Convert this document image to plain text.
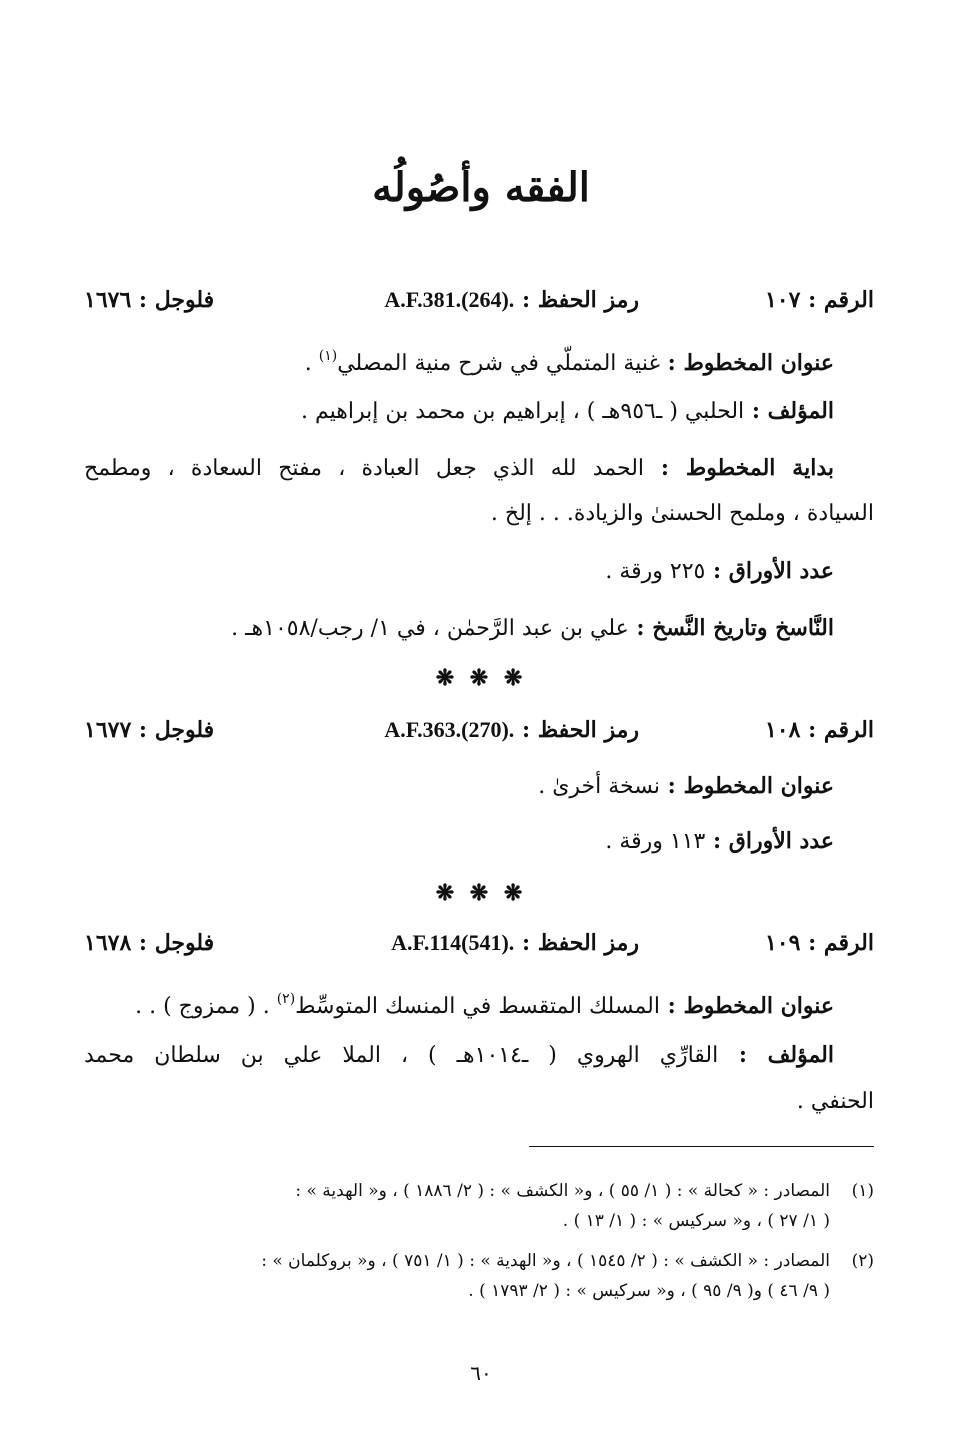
الفقه وأصُولُه
الرقم : ١٠٧
رمز الحفظ : A.F.381.(264).
فلوجل : ١٦٧٦
عنوان المخطوط : غنية المتملّي في شرح منية المصلي$^{(١)}$ .
المؤلف : الحلبي ( ـ٩٥٦هـ ) ، إبراهيم بن محمد بن إبراهيم .
بداية المخطوط : الحمد لله الذي جعل العبادة ، مفتح السعادة ، ومطمح
السيادة ، وملمح الحسنىٰ والزيادة. . . إلخ .
عدد الأوراق : ٢٢٥ ورقة .
النَّاسخ وتاريخ النَّسخ : علي بن عبد الرَّحمٰن ، في ١/ رجب/١٠٥٨هـ .
❋ ❋ ❋
الرقم : ١٠٨
رمز الحفظ : A.F.363.(270).
فلوجل : ١٦٧٧
عنوان المخطوط : نسخة أخرىٰ .
عدد الأوراق : ١١٣ ورقة .
❋ ❋ ❋
الرقم : ١٠٩
رمز الحفظ : A.F.114(541).
فلوجل : ١٦٧٨
عنوان المخطوط : المسلك المتقسط في المنسك المتوسِّط$^{(٢)}$ . ( ممزوج ) . .
المؤلف : القارِّي الهروي ( ـ١٠١٤هـ ) ، الملا علي بن سلطان محمد
الحنفي .
(١)
المصادر : « كحالة » : ( ١/ ٥٥ ) ، و« الكشف » : ( ٢/ ١٨٨٦ ) ، و« الهدية » :
( ١/ ٢٧ ) ، و« سركيس » : ( ١/ ١٣ ) .
(٢)
المصادر : « الكشف » : ( ٢/ ١٥٤٥ ) ، و« الهدية » : ( ١/ ٧٥١ ) ، و« بروكلمان » :
( ٩/ ٤٦ ) و( ٩/ ٩٥ ) ، و« سركيس » : ( ٢/ ١٧٩٣ ) .
٦٠
